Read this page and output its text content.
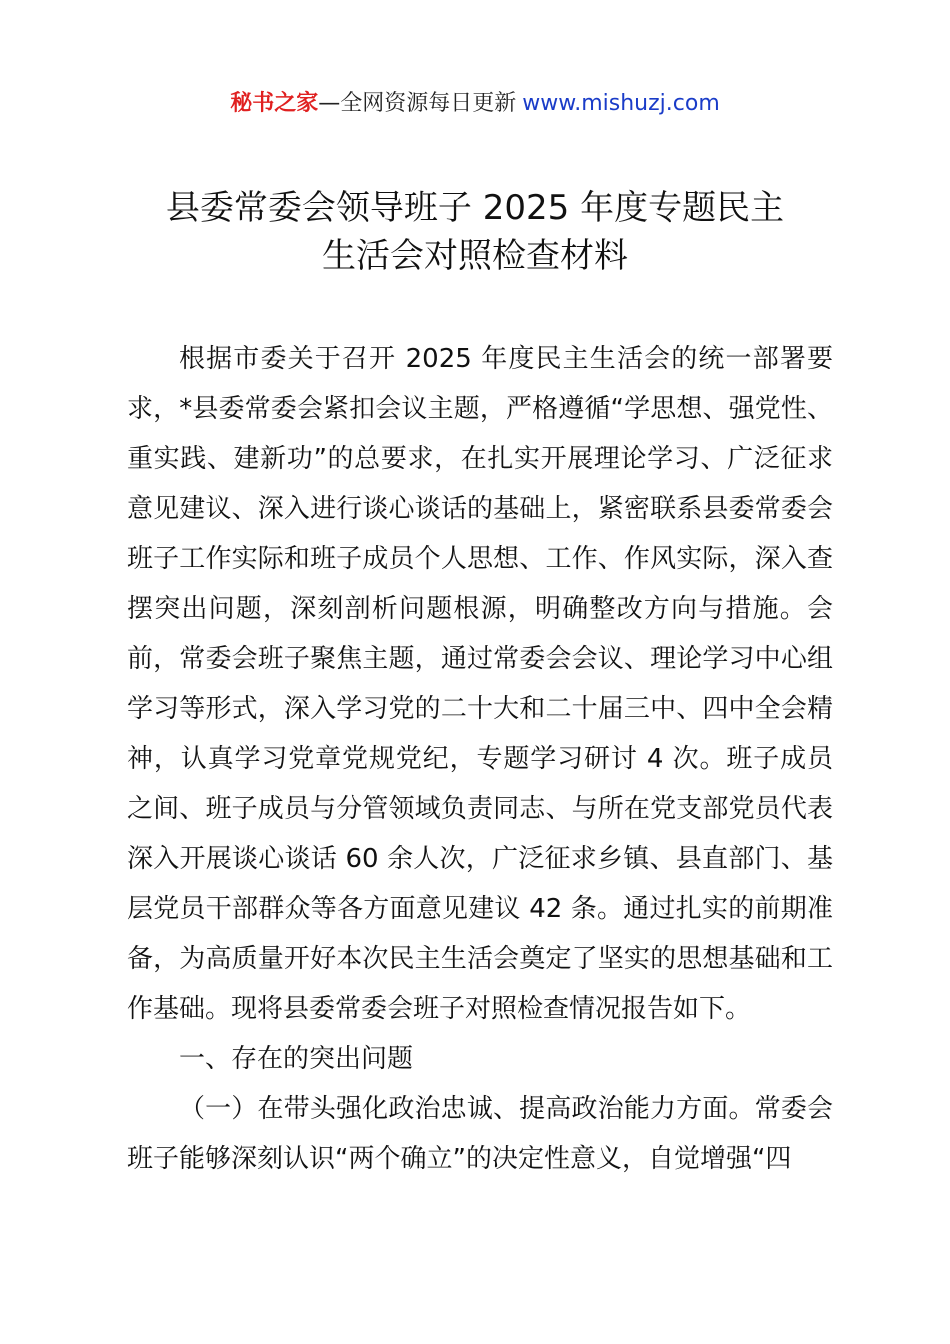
秘书之家—全网资源每日更新 www.mishuzj.com
县委常委会领导班子 2025 年度专题民主
生活会对照检查材料

根据市委关于召开 2025 年度民主生活会的统一部署要求，*县委常委会紧扣会议主题，严格遵循“学思想、强党性、重实践、建新功”的总要求，在扎实开展理论学习、广泛征求意见建议、深入进行谈心谈话的基础上，紧密联系县委常委会班子工作实际和班子成员个人思想、工作、作风实际，深入查摆突出问题，深刻剖析问题根源，明确整改方向与措施。会前，常委会班子聚焦主题，通过常委会会议、理论学习中心组学习等形式，深入学习党的二十大和二十届三中、四中全会精神，认真学习党章党规党纪，专题学习研讨 4 次。班子成员之间、班子成员与分管领域负责同志、与所在党支部党员代表深入开展谈心谈话 60 余人次，广泛征求乡镇、县直部门、基层党员干部群众等各方面意见建议 42 条。通过扎实的前期准备，为高质量开好本次民主生活会奠定了坚实的思想基础和工作基础。现将县委常委会班子对照检查情况报告如下。

一、存在的突出问题

（一）在带头强化政治忠诚、提高政治能力方面。常委会班子能够深刻认识“两个确立”的决定性意义，自觉增强“四
